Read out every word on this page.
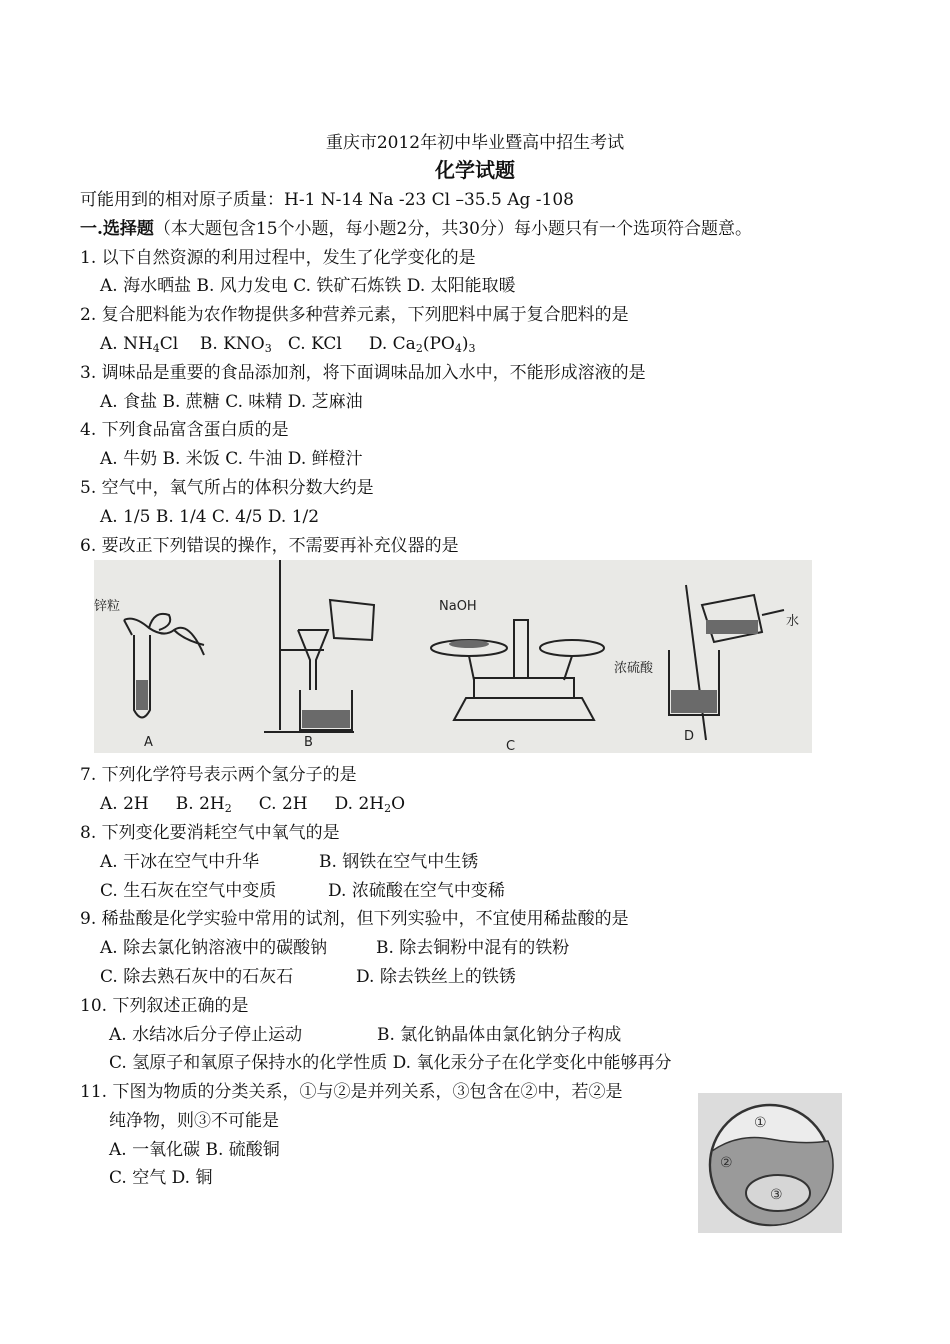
重庆市2012年初中毕业暨高中招生考试
化学试题
可能用到的相对原子质量：H-1 N-14 Na -23 Cl –35.5 Ag -108
一.选择题（本大题包含15个小题，每小题2分，共30分）每小题只有一个选项符合题意。
1. 以下自然资源的利用过程中，发生了化学变化的是
A. 海水晒盐 B. 风力发电 C. 铁矿石炼铁 D. 太阳能取暖
2. 复合肥料能为农作物提供多种营养元素，下列肥料中属于复合肥料的是
A. $NH_4Cl$ B. $KNO_3$ C. KCl D. $Ca_2(PO_4)_3$
3. 调味品是重要的食品添加剂，将下面调味品加入水中，不能形成溶液的是
A. 食盐 B. 蔗糖 C. 味精 D. 芝麻油
4. 下列食品富含蛋白质的是
A. 牛奶 B. 米饭 C. 牛油 D. 鲜橙汁
5. 空气中，氧气所占的体积分数大约是
A. 1/5 B. 1/4 C. 4/5 D. 1/2
6. 要改正下列错误的操作，不需要再补充仪器的是
锌粒	NaOH
水
浓硫酸
A	B	C
D
7. 下列化学符号表示两个氢分子的是
A. 2H B. $2H_2$ C. 2H D. $2H_2O$
8. 下列变化要消耗空气中氧气的是
A. 干冰在空气中升华	B. 钢铁在空气中生锈
C. 生石灰在空气中变质	D. 浓硫酸在空气中变稀
9. 稀盐酸是化学实验中常用的试剂，但下列实验中，不宜使用稀盐酸的是
A. 除去氯化钠溶液中的碳酸钠	B. 除去铜粉中混有的铁粉
C. 除去熟石灰中的石灰石	D. 除去铁丝上的铁锈
10. 下列叙述正确的是
A. 水结冰后分子停止运动	B. 氯化钠晶体由氯化钠分子构成
C. 氢原子和氧原子保持水的化学性质 D. 氧化汞分子在化学变化中能够再分
11. 下图为物质的分类关系，①与②是并列关系，③包含在②中，若②是
纯净物，则③不可能是
A. 一氧化碳 B. 硫酸铜
C. 空气 D. 铜
①
②
③
